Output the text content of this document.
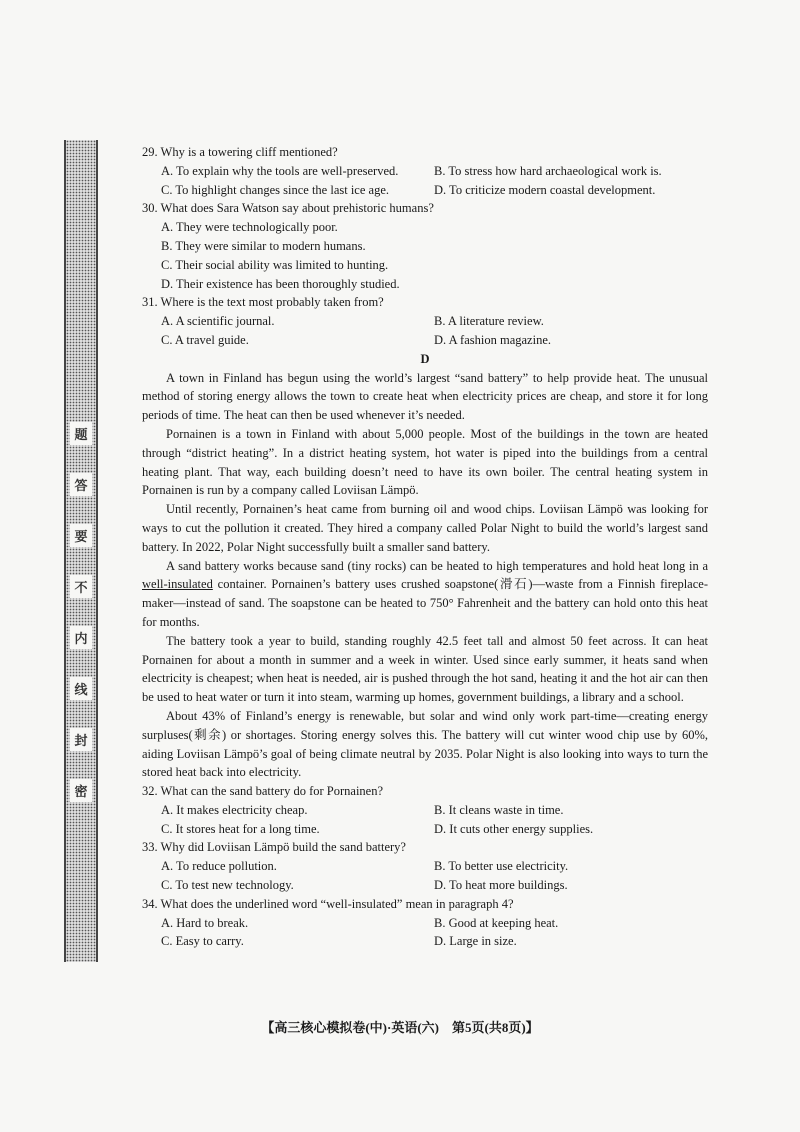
题
答
要
不
内
线
封
密

29. Why is a towering cliff mentioned?

A. To explain why the tools are well-preserved.	B. To stress how hard archaeological work is.
C. To highlight changes since the last ice age.	D. To criticize modern coastal development.

30. What does Sara Watson say about prehistoric humans?

A. They were technologically poor.
B. They were similar to modern humans.
C. Their social ability was limited to hunting.
D. Their existence has been thoroughly studied.

31. Where is the text most probably taken from?

A. A scientific journal.	B. A literature review.
C. A travel guide.	D. A fashion magazine.

D

A town in Finland has begun using the world’s largest “sand battery” to help provide heat. The unusual method of storing energy allows the town to create heat when electricity prices are cheap, and store it for long periods of time. The heat can then be used whenever it’s needed.

Pornainen is a town in Finland with about 5,000 people. Most of the buildings in the town are heated through “district heating”. In a district heating system, hot water is piped into the buildings from a central heating plant. That way, each building doesn’t need to have its own boiler. The central heating system in Pornainen is run by a company called Loviisan Lämpö.

Until recently, Pornainen’s heat came from burning oil and wood chips. Loviisan Lämpö was looking for ways to cut the pollution it created. They hired a company called Polar Night to build the world’s largest sand battery. In 2022, Polar Night successfully built a smaller sand battery.

A sand battery works because sand (tiny rocks) can be heated to high temperatures and hold heat long in a well-insulated container. Pornainen’s battery uses crushed soapstone(滑石)—waste from a Finnish fireplace-maker—instead of sand. The soapstone can be heated to 750° Fahrenheit and the battery can hold onto this heat for months.

The battery took a year to build, standing roughly 42.5 feet tall and almost 50 feet across. It can heat Pornainen for about a month in summer and a week in winter. Used since early summer, it heats sand when electricity is cheapest; when heat is needed, air is pushed through the hot sand, heating it and the hot air can then be used to heat water or turn it into steam, warming up homes, government buildings, a library and a school.

About 43% of Finland’s energy is renewable, but solar and wind only work part-time—creating energy surpluses(剩余) or shortages. Storing energy solves this. The battery will cut winter wood chip use by 60%, aiding Loviisan Lämpö’s goal of being climate neutral by 2035. Polar Night is also looking into ways to turn the stored heat back into electricity.

32. What can the sand battery do for Pornainen?

A. It makes electricity cheap.	B. It cleans waste in time.
C. It stores heat for a long time.	D. It cuts other energy supplies.

33. Why did Loviisan Lämpö build the sand battery?

A. To reduce pollution.	B. To better use electricity.
C. To test new technology.	D. To heat more buildings.

34. What does the underlined word “well-insulated” mean in paragraph 4?

A. Hard to break.	B. Good at keeping heat.
C. Easy to carry.	D. Large in size.
【高三核心模拟卷(中)·英语(六)　第5页(共8页)】
